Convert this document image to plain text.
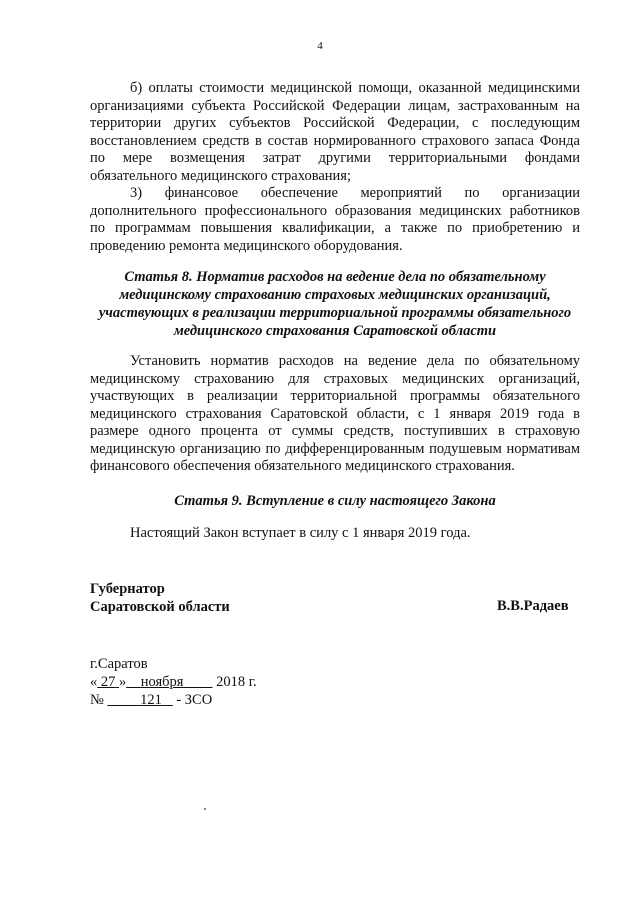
4

б) оплаты стоимости медицинской помощи, оказанной медицинскими организациями субъекта Российской Федерации лицам, застрахованным на территории других субъектов Российской Федерации, с последующим восстановлением средств в состав нормированного страхового запаса Фонда по мере возмещения затрат другими территориальными фондами обязательного медицинского страхования;

3) финансовое обеспечение мероприятий по организации дополнительного профессионального образования медицинских работников по программам повышения квалификации, а также по приобретению и проведению ремонта медицинского оборудования.

Статья 8. Норматив расходов на ведение дела по обязательному медицинскому страхованию страховых медицинских организаций, участвующих в реализации территориальной программы обязательного медицинского страхования Саратовской области

Установить норматив расходов на ведение дела по обязательному медицинскому страхованию для страховых медицинских организаций, участвующих в реализации территориальной программы обязательного медицинского страхования Саратовской области, с 1 января 2019 года в размере одного процента от суммы средств, поступивших в страховую медицинскую организацию по дифференцированным подушевым нормативам финансового обеспечения обязательного медицинского страхования.

Статья 9. Вступление в силу настоящего Закона

Настоящий Закон вступает в силу с 1 января 2019 года.

Губернатор
Саратовской области	В.В.Радаев
г.Саратов
« 27 » ноября 2018 г.
№	121 - ЗСО
